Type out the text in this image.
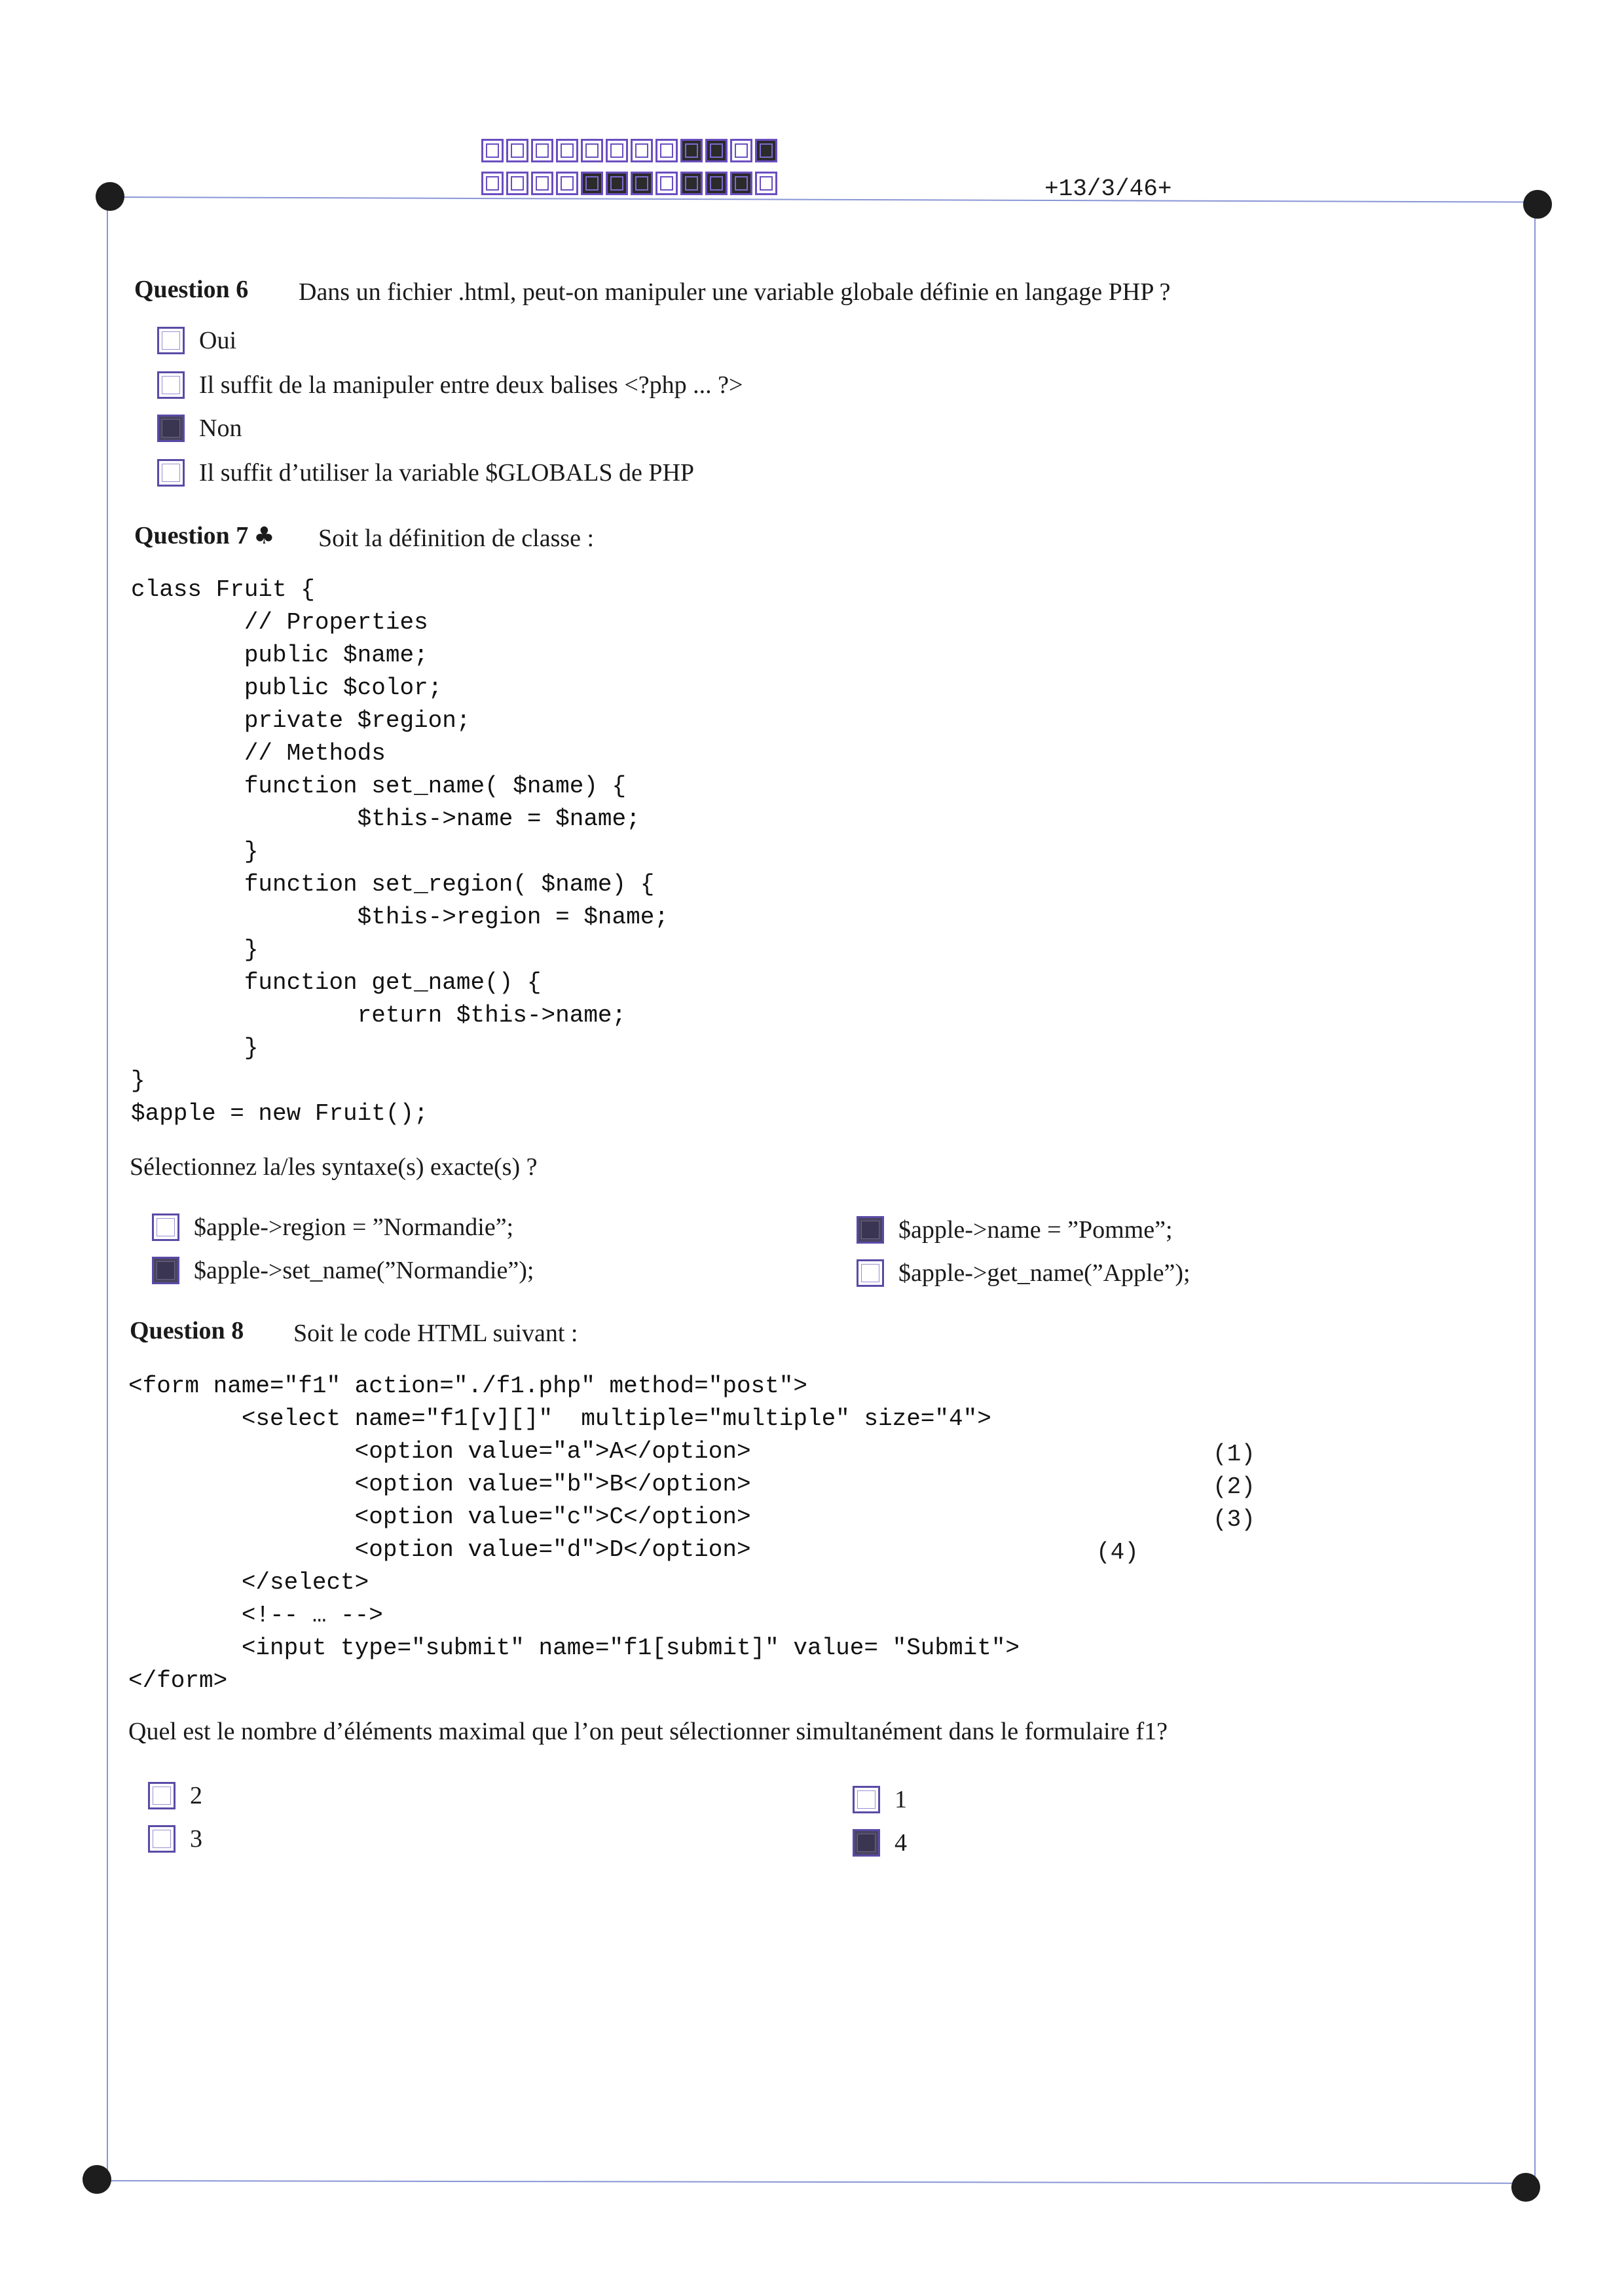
+13/3/46+
Question 6 Dans un fichier .html, peut-on manipuler une variable globale définie en langage PHP ?
Oui
Il suffit de la manipuler entre deux balises <?php ... ?>
Non
Il suffit d’utiliser la variable $GLOBALS de PHP
Question 7 ♣ Soit la définition de classe :
class Fruit {
// Properties
public $name;
public $color;
private $region;
// Methods
function set_name( $name) {
$this->name = $name;
}
function set_region( $name) {
$this->region = $name;
}
function get_name() {
return $this->name;
}
}
$apple = new Fruit();
Sélectionnez la/les syntaxe(s) exacte(s) ?
$apple->region = ”Normandie”;
$apple->set_name(”Normandie”);
$apple->name = ”Pomme”;
$apple->get_name(”Apple”);
Question 8 Soit le code HTML suivant :
<form name="f1" action="./f1.php" method="post">
<select name="f1[v][]"  multiple="multiple" size="4">
<option value="a">A</option>
<option value="b">B</option>
<option value="c">C</option>
<option value="d">D</option>
</select>
<!-- … -->
<input type="submit" name="f1[submit]" value= "Submit">
</form>
(1)
(2)
(3)
(4)
Quel est le nombre d’éléments maximal que l’on peut sélectionner simultanément dans le formulaire f1?
2
3
1
4
